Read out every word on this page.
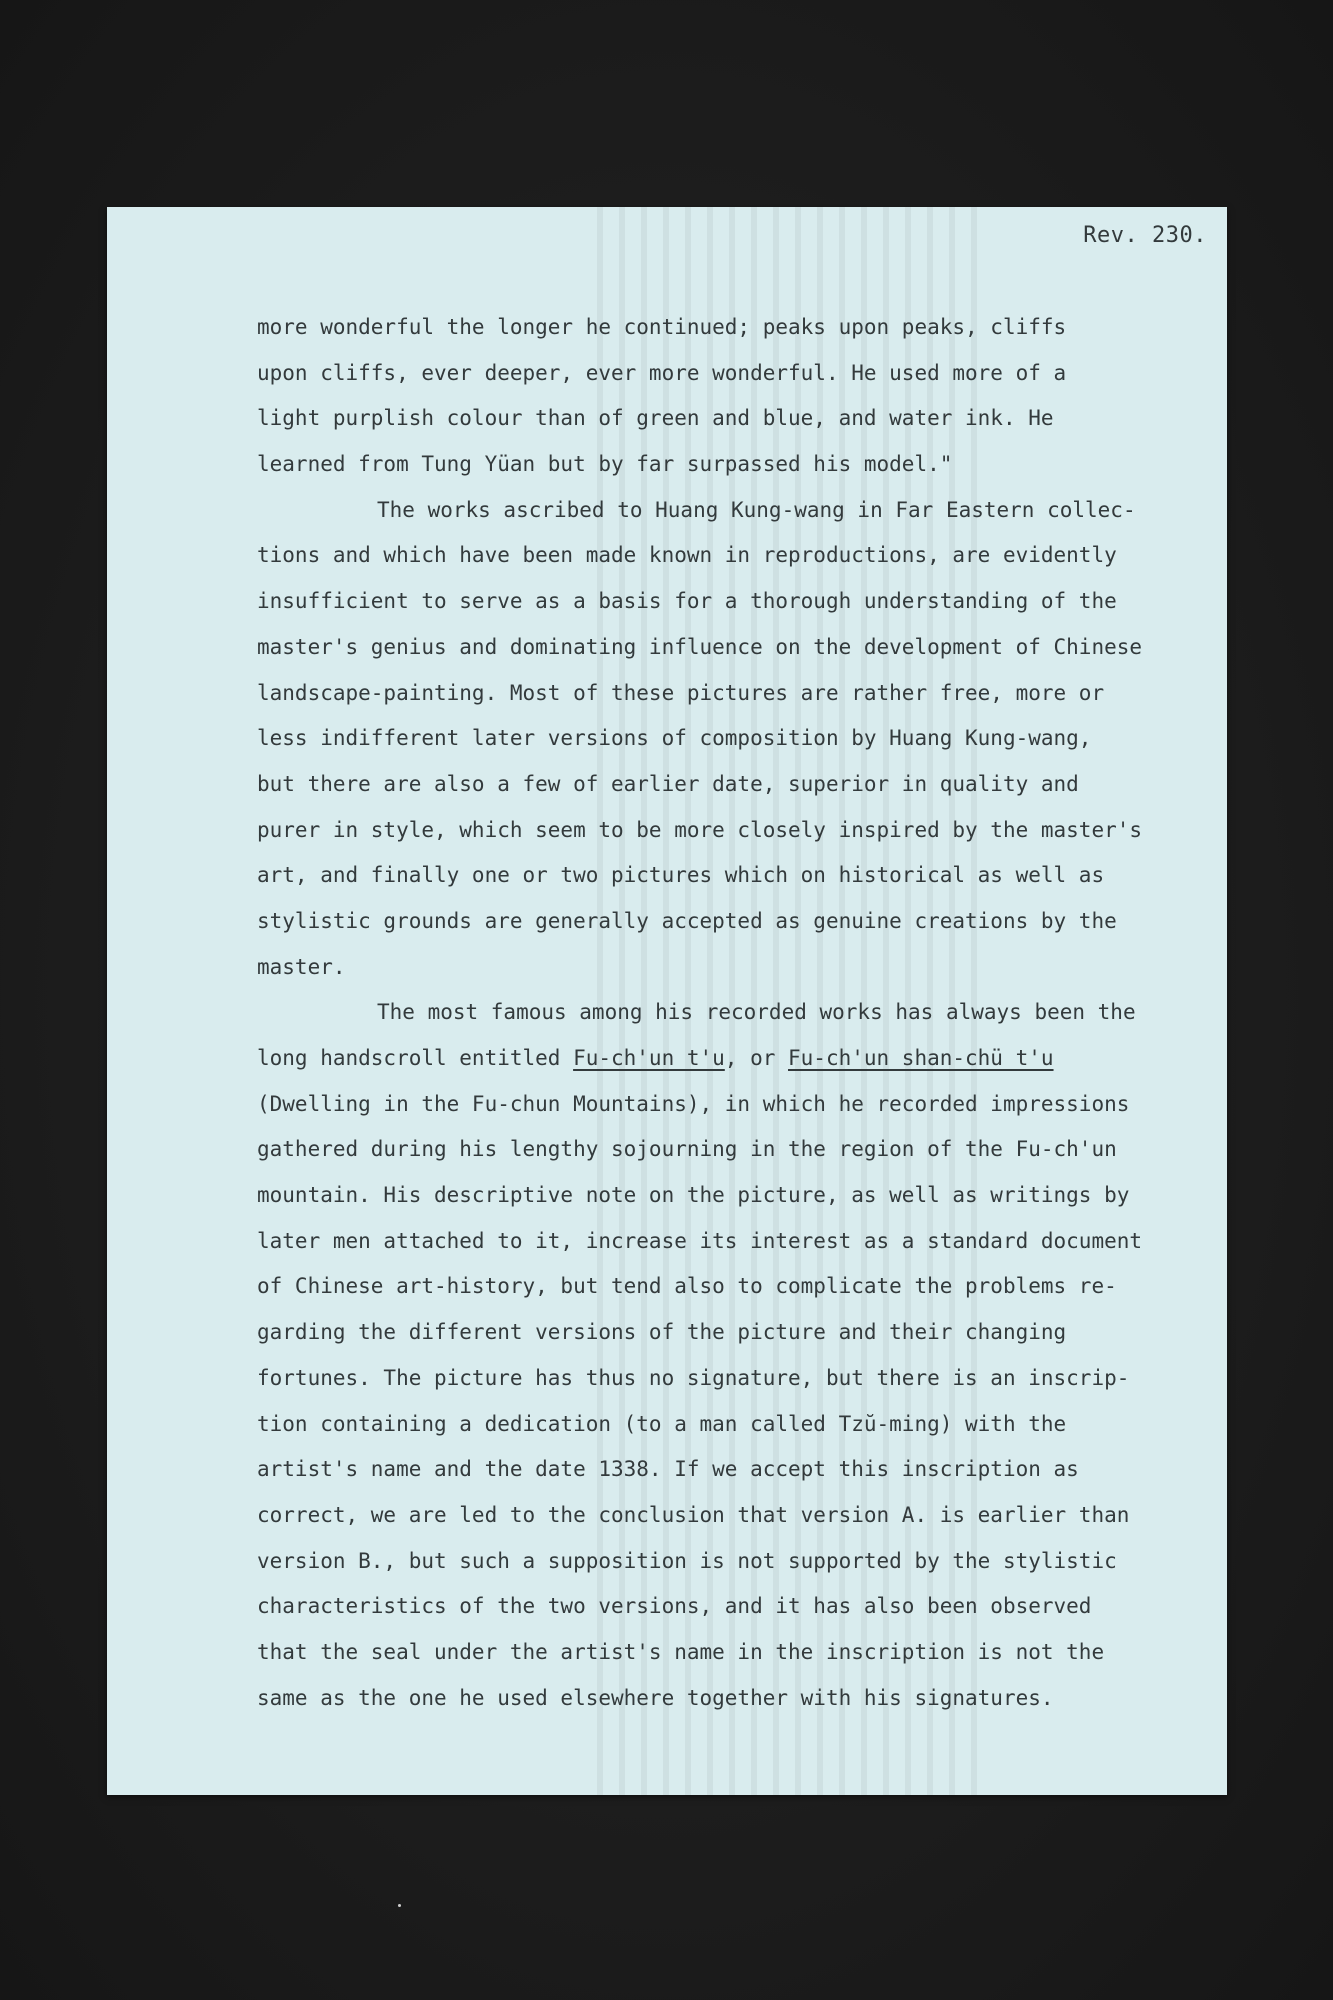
Rev. 230.
more wonderful the longer he continued; peaks upon peaks, cliffs
upon cliffs, ever deeper, ever more wonderful. He used more of a
light purplish colour than of green and blue, and water ink. He
learned from Tung Yüan but by far surpassed his model."
The works ascribed to Huang Kung-wang in Far Eastern collec-
tions and which have been made known in reproductions, are evidently
insufficient to serve as a basis for a thorough understanding of the
master's genius and dominating influence on the development of Chinese
landscape-painting. Most of these pictures are rather free, more or
less indifferent later versions of composition by Huang Kung-wang,
but there are also a few of earlier date, superior in quality and
purer in style, which seem to be more closely inspired by the master's
art, and finally one or two pictures which on historical as well as
stylistic grounds are generally accepted as genuine creations by the
master.
The most famous among his recorded works has always been the
long handscroll entitled Fu-ch'un t'u, or Fu-ch'un shan-chü t'u
(Dwelling in the Fu-chun Mountains), in which he recorded impressions
gathered during his lengthy sojourning in the region of the Fu-ch'un
mountain. His descriptive note on the picture, as well as writings by
later men attached to it, increase its interest as a standard document
of Chinese art-history, but tend also to complicate the problems re-
garding the different versions of the picture and their changing
fortunes. The picture has thus no signature, but there is an inscrip-
tion containing a dedication (to a man called Tzŭ-ming) with the
artist's name and the date 1338. If we accept this inscription as
correct, we are led to the conclusion that version A. is earlier than
version B., but such a supposition is not supported by the stylistic
characteristics of the two versions, and it has also been observed
that the seal under the artist's name in the inscription is not the
same as the one he used elsewhere together with his signatures.
